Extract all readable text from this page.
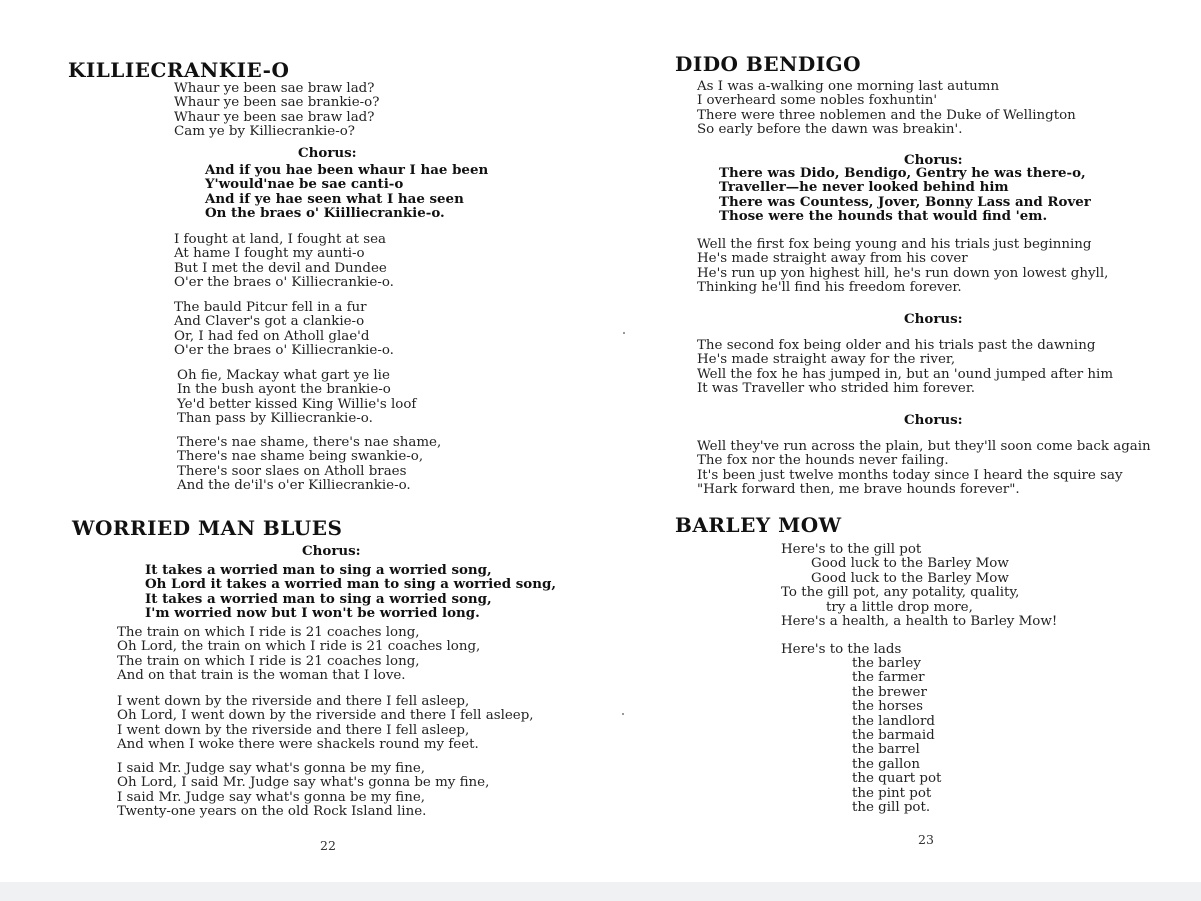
KILLIECRANKIE-O
Whaur ye been sae braw lad?
Whaur ye been sae brankie-o?
Whaur ye been sae braw lad?
Cam ye by Killiecrankie-o?
Chorus:
And if you hae been whaur I hae been
Y'would'nae be sae canti-o
And if ye hae seen what I hae seen
On the braes o' Kiilliecrankie-o.
I fought at land, I fought at sea
At hame I fought my aunti-o
But I met the devil and Dundee
O'er the braes o' Killiecrankie-o.
The bauld Pitcur fell in a fur
And Claver's got a clankie-o
Or, I had fed on Atholl glae'd
O'er the braes o' Killiecrankie-o.
Oh fie, Mackay what gart ye lie
In the bush ayont the brankie-o
Ye'd better kissed King Willie's loof
Than pass by Killiecrankie-o.
There's nae shame, there's nae shame,
There's nae shame being swankie-o,
There's soor slaes on Atholl braes
And the de'il's o'er Killiecrankie-o.
WORRIED MAN BLUES
Chorus:
It takes a worried man to sing a worried song,
Oh Lord it takes a worried man to sing a worried song,
It takes a worried man to sing a worried song,
I'm worried now but I won't be worried long.
The train on which I ride is 21 coaches long,
Oh Lord, the train on which I ride is 21 coaches long,
The train on which I ride is 21 coaches long,
And on that train is the woman that I love.
I went down by the riverside and there I fell asleep,
Oh Lord, I went down by the riverside and there I fell asleep,
I went down by the riverside and there I fell asleep,
And when I woke there were shackels round my feet.
I said Mr. Judge say what's gonna be my fine,
Oh Lord, I said Mr. Judge say what's gonna be my fine,
I said Mr. Judge say what's gonna be my fine,
Twenty-one years on the old Rock Island line.
22
DIDO BENDIGO
As I was a-walking one morning last autumn
I overheard some nobles foxhuntin'
There were three noblemen and the Duke of Wellington
So early before the dawn was breakin'.
Chorus:
There was Dido, Bendigo, Gentry he was there-o,
Traveller—he never looked behind him
There was Countess, Jover, Bonny Lass and Rover
Those were the hounds that would find 'em.
Well the first fox being young and his trials just beginning
He's made straight away from his cover
He's run up yon highest hill, he's run down yon lowest ghyll,
Thinking he'll find his freedom forever.
Chorus:
The second fox being older and his trials past the dawning
He's made straight away for the river,
Well the fox he has jumped in, but an 'ound jumped after him
It was Traveller who strided him forever.
Chorus:
Well they've run across the plain, but they'll soon come back again
The fox nor the hounds never failing.
It's been just twelve months today since I heard the squire say
"Hark forward then, me brave hounds forever".
BARLEY MOW
Here's to the gill pot
Good luck to the Barley Mow
Good luck to the Barley Mow
To the gill pot, any potality, quality,
try a little drop more,
Here's a health, a health to Barley Mow!
Here's to the lads
the barley
the farmer
the brewer
the horses
the landlord
the barmaid
the barrel
the gallon
the quart pot
the pint pot
the gill pot.
23
